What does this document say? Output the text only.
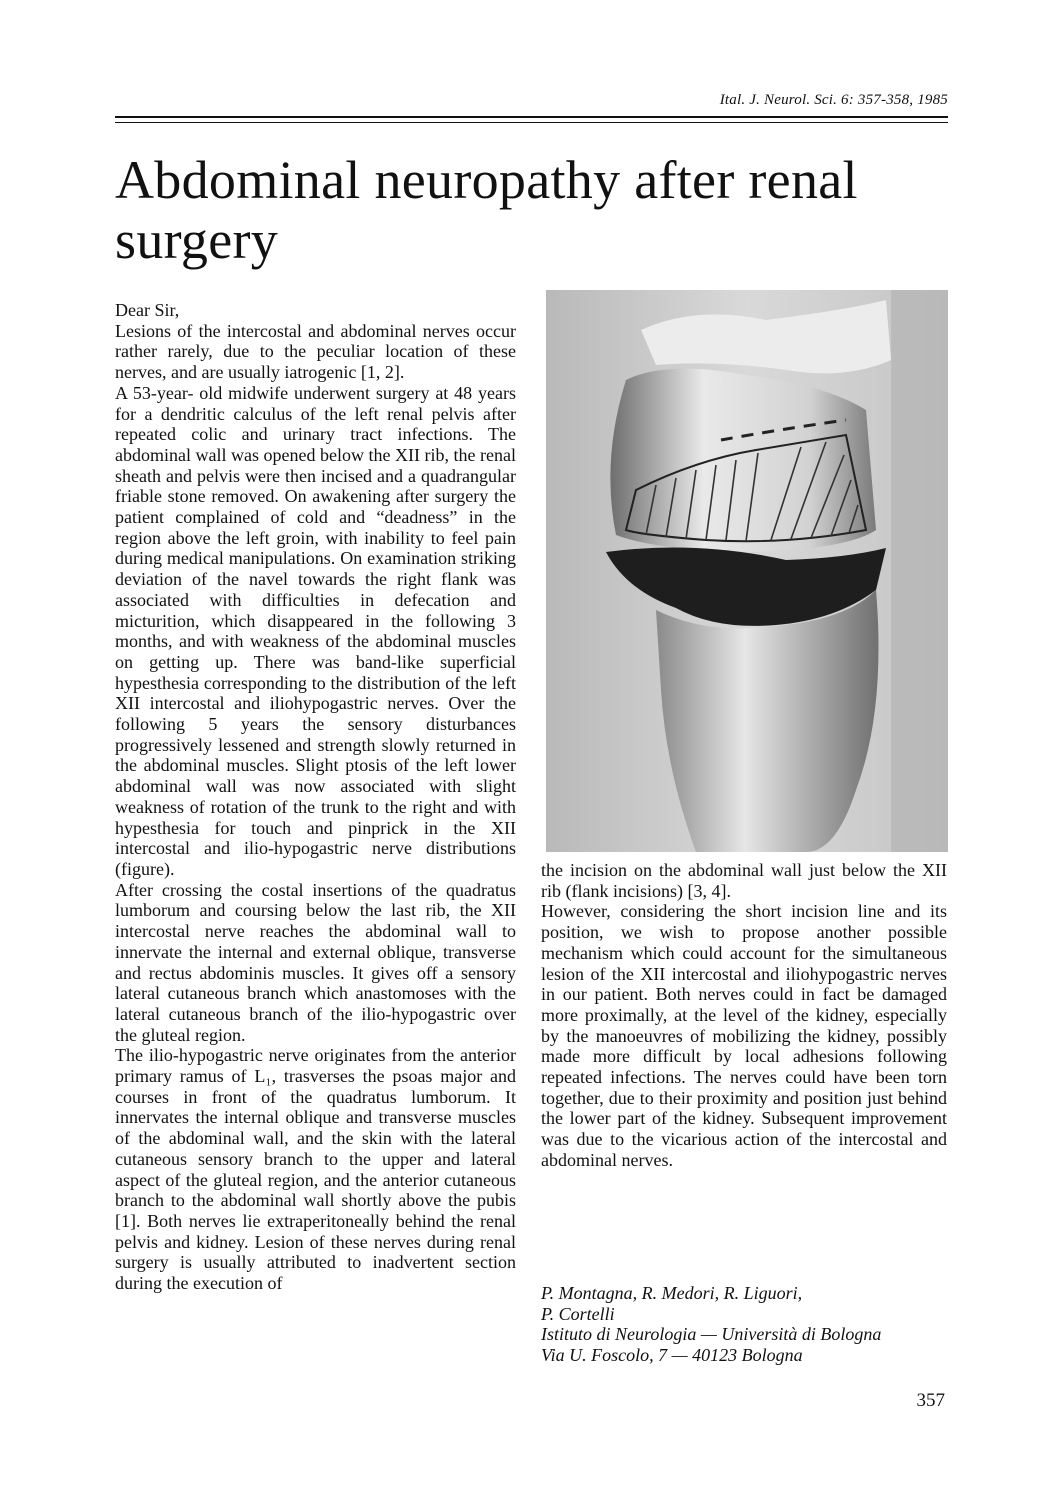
Ital. J. Neurol. Sci. 6: 357-358, 1985
Abdominal neuropathy after renal surgery

Dear Sir,

Lesions of the intercostal and abdominal nerves occur rather rarely, due to the peculiar location of these nerves, and are usually iatrogenic [1, 2].

A 53-year- old midwife underwent surgery at 48 years for a dendritic calculus of the left renal pelvis after repeated colic and urinary tract infections. The abdominal wall was opened below the XII rib, the renal sheath and pelvis were then incised and a quadrangular friable stone removed. On awakening after surgery the patient complained of cold and “deadness” in the region above the left groin, with inability to feel pain during medical manipulations. On examination striking deviation of the navel towards the right flank was associated with difficulties in defecation and micturition, which disappeared in the following 3 months, and with weakness of the abdominal muscles on getting up. There was band-like superficial hypesthesia corresponding to the distribution of the left XII intercostal and iliohypogastric nerves. Over the following 5 years the sensory disturbances progressively lessened and strength slowly returned in the abdominal muscles. Slight ptosis of the left lower abdominal wall was now associated with slight weakness of rotation of the trunk to the right and with hypesthesia for touch and pinprick in the XII intercostal and ilio-hypogastric nerve distributions (figure).

After crossing the costal insertions of the quadratus lumborum and coursing below the last rib, the XII intercostal nerve reaches the abdominal wall to innervate the internal and external oblique, transverse and rectus abdominis muscles. It gives off a sensory lateral cutaneous branch which anastomoses with the lateral cutaneous branch of the ilio-hypogastric over the gluteal region.

The ilio-hypogastric nerve originates from the anterior primary ramus of L₁, trasverses the psoas major and courses in front of the quadratus lumborum. It innervates the internal oblique and transverse muscles of the abdominal wall, and the skin with the lateral cutaneous sensory branch to the upper and lateral aspect of the gluteal region, and the anterior cutaneous branch to the abdominal wall shortly above the pubis [1]. Both nerves lie extraperitoneally behind the renal pelvis and kidney. Lesion of these nerves during renal surgery is usually attributed to inadvertent section during the execution of

the incision on the abdominal wall just below the XII rib (flank incisions) [3, 4].

However, considering the short incision line and its position, we wish to propose another possible mechanism which could account for the simultaneous lesion of the XII intercostal and iliohypogastric nerves in our patient. Both nerves could in fact be damaged more proximally, at the level of the kidney, especially by the manoeuvres of mobilizing the kidney, possibly made more difficult by local adhesions following repeated infections. The nerves could have been torn together, due to their proximity and position just behind the lower part of the kidney. Subsequent improvement was due to the vicarious action of the intercostal and abdominal nerves.

P. Montagna, R. Medori, R. Liguori,
P. Cortelli
Istituto di Neurologia — Università di Bologna
Via U. Foscolo, 7 — 40123 Bologna
357
